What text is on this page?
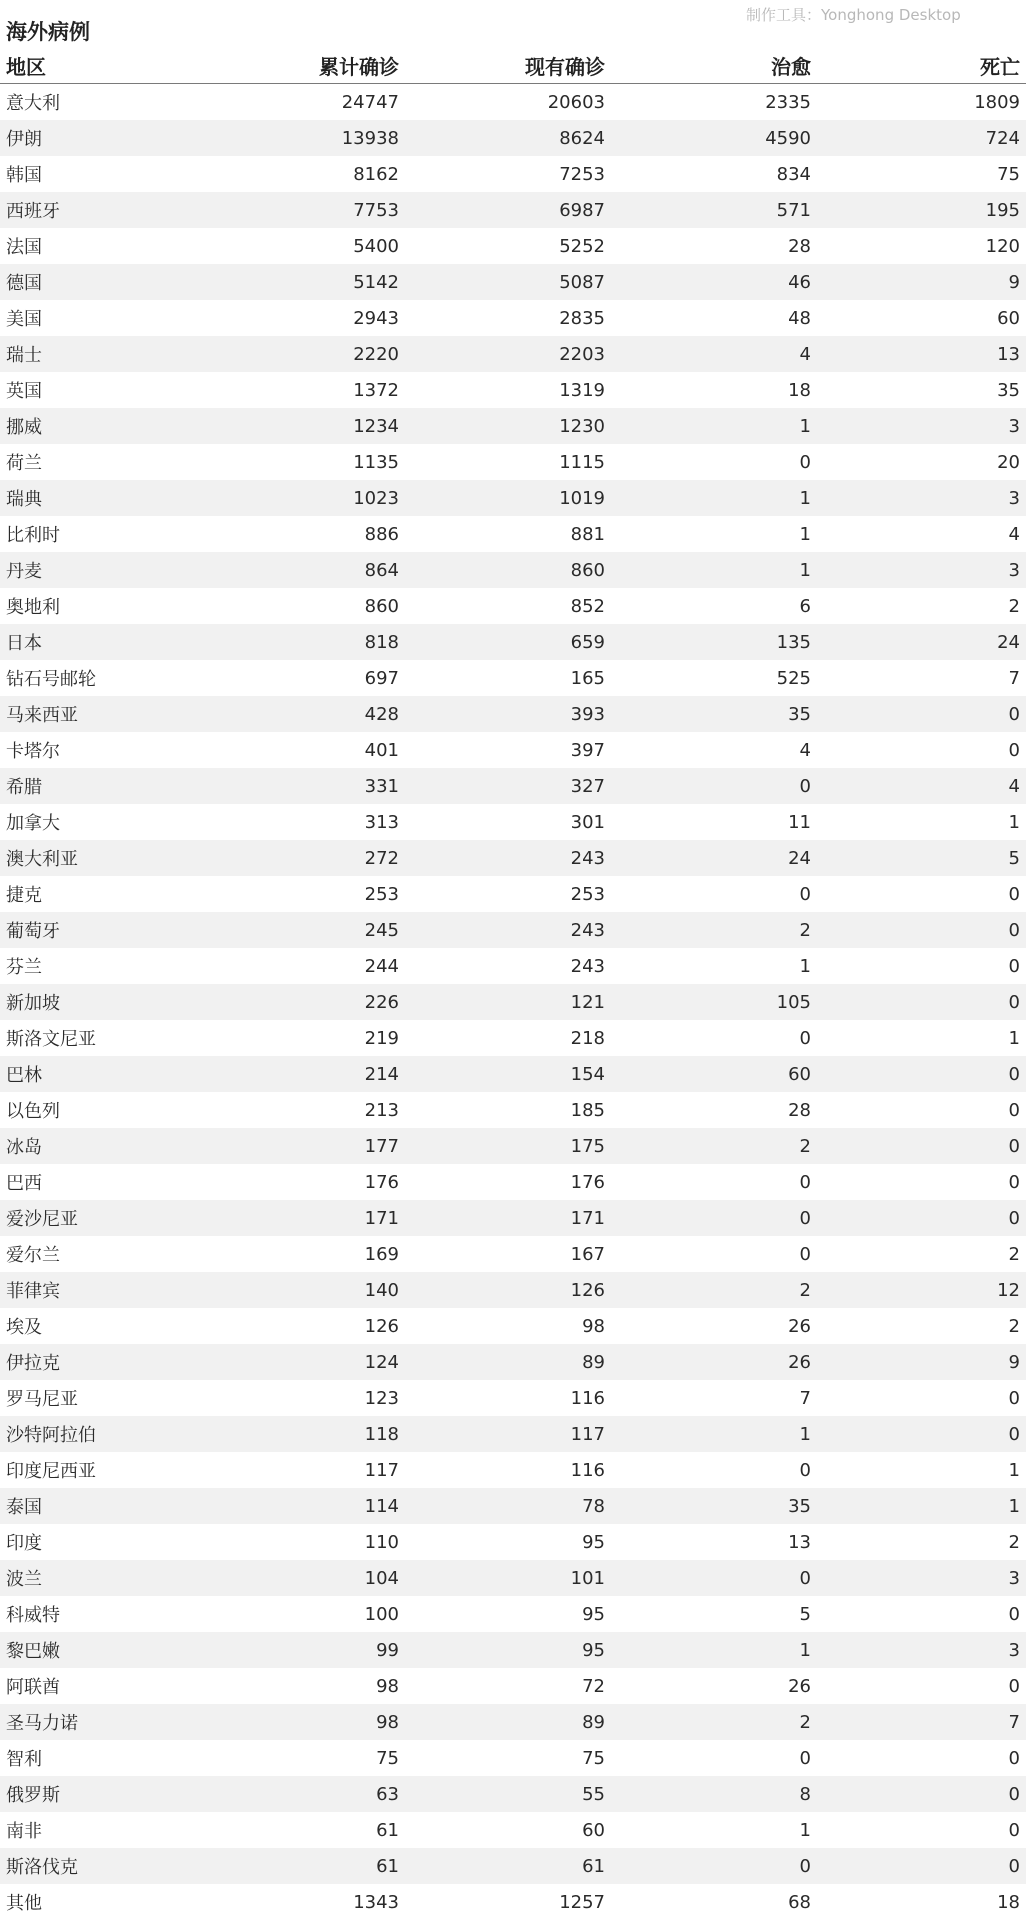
制作工具：Yonghong Desktop
海外病例
地区	累计确诊	现有确诊	治愈	死亡
意大利	24747	20603	2335	1809
伊朗	13938	8624	4590	724
韩国	8162	7253	834	75
西班牙	7753	6987	571	195
法国	5400	5252	28	120
德国	5142	5087	46	9
美国	2943	2835	48	60
瑞士	2220	2203	4	13
英国	1372	1319	18	35
挪威	1234	1230	1	3
荷兰	1135	1115	0	20
瑞典	1023	1019	1	3
比利时	886	881	1	4
丹麦	864	860	1	3
奥地利	860	852	6	2
日本	818	659	135	24
钻石号邮轮	697	165	525	7
马来西亚	428	393	35	0
卡塔尔	401	397	4	0
希腊	331	327	0	4
加拿大	313	301	11	1
澳大利亚	272	243	24	5
捷克	253	253	0	0
葡萄牙	245	243	2	0
芬兰	244	243	1	0
新加坡	226	121	105	0
斯洛文尼亚	219	218	0	1
巴林	214	154	60	0
以色列	213	185	28	0
冰岛	177	175	2	0
巴西	176	176	0	0
爱沙尼亚	171	171	0	0
爱尔兰	169	167	0	2
菲律宾	140	126	2	12
埃及	126	98	26	2
伊拉克	124	89	26	9
罗马尼亚	123	116	7	0
沙特阿拉伯	118	117	1	0
印度尼西亚	117	116	0	1
泰国	114	78	35	1
印度	110	95	13	2
波兰	104	101	0	3
科威特	100	95	5	0
黎巴嫩	99	95	1	3
阿联酋	98	72	26	0
圣马力诺	98	89	2	7
智利	75	75	0	0
俄罗斯	63	55	8	0
南非	61	60	1	0
斯洛伐克	61	61	0	0
其他	1343	1257	68	18
